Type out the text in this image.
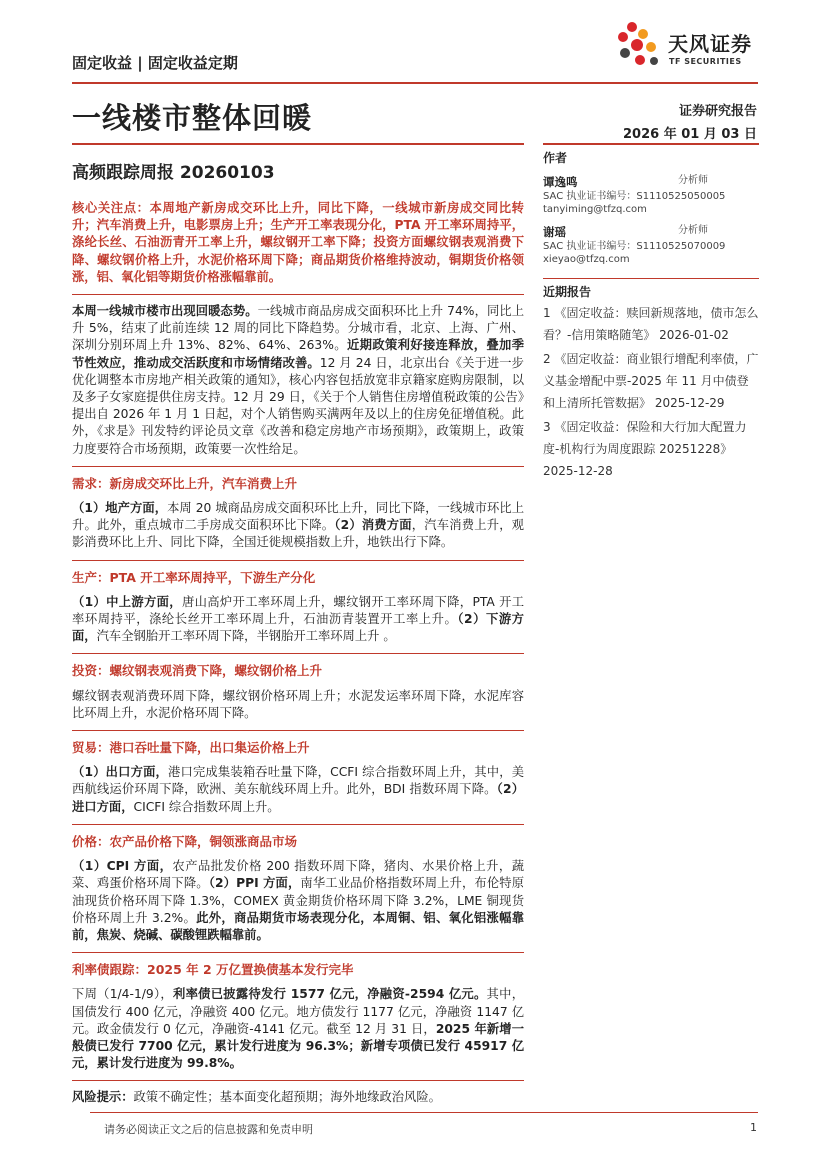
固定收益 | 固定收益定期
天风证券
TF SECURITIES
一线楼市整体回暖	证券研究报告
2026 年 01 月 03 日
高频跟踪周报 20260103

核心关注点：本周地产新房成交环比上升，同比下降，一线城市新房成交同比转升；汽车消费上升，电影票房上升；生产开工率表现分化，PTA 开工率环周持平，涤纶长丝、石油沥青开工率上升，螺纹钢开工率下降；投资方面螺纹钢表观消费下降、螺纹钢价格上升，水泥价格环周下降；商品期货价格维持波动，铜期货价格领涨，铝、氧化铝等期货价格涨幅靠前。

本周一线城市楼市出现回暖态势。一线城市商品房成交面积环比上升 74%，同比上升 5%，结束了此前连续 12 周的同比下降趋势。分城市看，北京、上海、广州、深圳分别环周上升 13%、82%、64%、263%。近期政策利好接连释放，叠加季节性效应，推动成交活跃度和市场情绪改善。12 月 24 日，北京出台《关于进一步优化调整本市房地产相关政策的通知》，核心内容包括放宽非京籍家庭购房限制，以及多子女家庭提供住房支持。12 月 29 日，《关于个人销售住房增值税政策的公告》提出自 2026 年 1 月 1 日起，对个人销售购买满两年及以上的住房免征增值税。此外，《求是》刊发特约评论员文章《改善和稳定房地产市场预期》，政策期上，政策力度要符合市场预期，政策要一次性给足。

需求：新房成交环比上升，汽车消费上升

（1）地产方面，本周 20 城商品房成交面积环比上升，同比下降，一线城市环比上升。此外，重点城市二手房成交面积环比下降。（2）消费方面，汽车消费上升，观影消费环比上升、同比下降，全国迁徙规模指数上升，地铁出行下降。

生产：PTA 开工率环周持平，下游生产分化

（1）中上游方面，唐山高炉开工率环周上升，螺纹钢开工率环周下降，PTA 开工率环周持平，涤纶长丝开工率环周上升，石油沥青装置开工率上升。（2）下游方面，汽车全钢胎开工率环周下降，半钢胎开工率环周上升 。

投资：螺纹钢表观消费下降，螺纹钢价格上升

螺纹钢表观消费环周下降，螺纹钢价格环周上升；水泥发运率环周下降，水泥库容比环周上升，水泥价格环周下降。

贸易：港口吞吐量下降，出口集运价格上升

（1）出口方面，港口完成集装箱吞吐量下降，CCFI 综合指数环周上升，其中，美西航线运价环周下降，欧洲、美东航线环周上升。此外，BDI 指数环周下降。（2）进口方面，CICFI 综合指数环周上升。

价格：农产品价格下降，铜领涨商品市场

（1）CPI 方面，农产品批发价格 200 指数环周下降，猪肉、水果价格上升，蔬菜、鸡蛋价格环周下降。（2）PPI 方面，南华工业品价格指数环周上升，布伦特原油现货价格环周下降 1.3%，COMEX 黄金期货价格环周下降 3.2%，LME 铜现货价格环周上升 3.2%。此外，商品期货市场表现分化，本周铜、铝、氧化铝涨幅靠前，焦炭、烧碱、碳酸锂跌幅靠前。

利率债跟踪：2025 年 2 万亿置换债基本发行完毕

下周（1/4-1/9），利率债已披露待发行 1577 亿元，净融资-2594 亿元。其中，国债发行 400 亿元，净融资 400 亿元。地方债发行 1177 亿元，净融资 1147 亿元。政金债发行 0 亿元，净融资-4141 亿元。截至 12 月 31 日，2025 年新增一般债已发行 7700 亿元，累计发行进度为 96.3%；新增专项债已发行 45917 亿元，累计发行进度为 99.8%。

风险提示：政策不确定性；基本面变化超预期；海外地缘政治风险。

作者
谭逸鸣	分析师
SAC 执业证书编号：S1110525050005
tanyiming@tfzq.com
谢瑶	分析师
SAC 执业证书编号：S1110525070009
xieyao@tfzq.com
近期报告
1 《固定收益：赎回新规落地，债市怎么看？-信用策略随笔》 2026-01-02
2 《固定收益：商业银行增配利率债，广义基金增配中票-2025 年 11 月中债登和上清所托管数据》 2025-12-29
3 《固定收益：保险和大行加大配置力度-机构行为周度跟踪 20251228》 2025-12-28
请务必阅读正文之后的信息披露和免责申明	1
